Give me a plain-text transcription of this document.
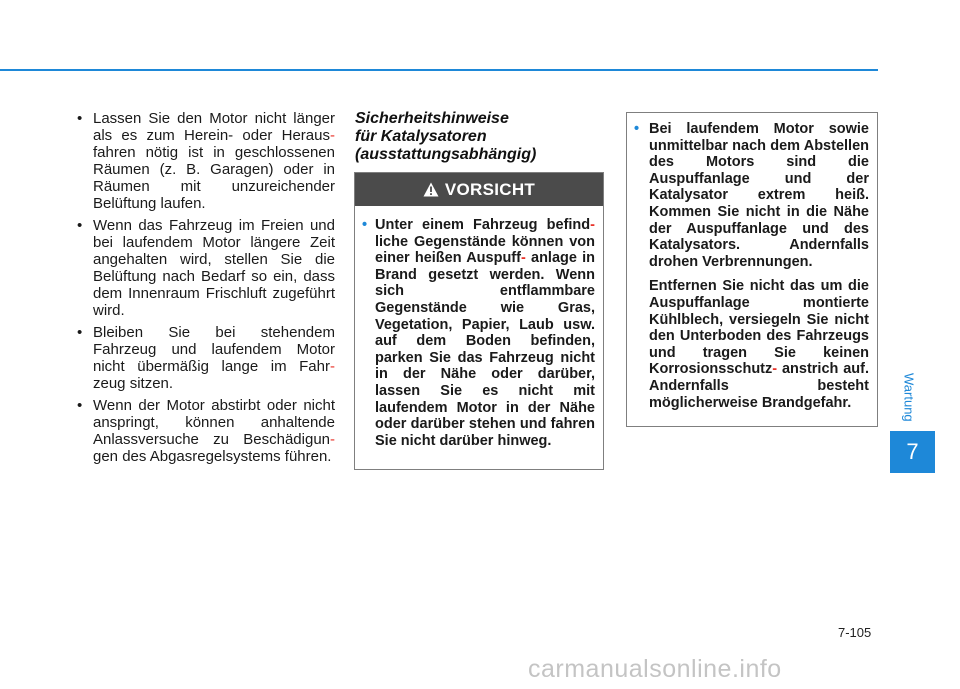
• Lassen Sie den Motor nicht länger als es zum Herein- oder Heraus- fahren nötig ist in geschlossenen Räumen (z. B. Garagen) oder in Räumen mit unzureichender Belüftung laufen.
• Wenn das Fahrzeug im Freien und bei laufendem Motor längere Zeit angehalten wird, stellen Sie die Belüftung nach Bedarf so ein, dass dem Innenraum Frischluft zugeführt wird.
• Bleiben Sie bei stehendem Fahrzeug und laufendem Motor nicht übermäßig lange im Fahr- zeug sitzen.
• Wenn der Motor abstirbt oder nicht anspringt, können anhaltende Anlassversuche zu Beschädigun- gen des Abgasregelsystems führen.
Sicherheitshinweise
für Katalysatoren
(ausstattungsabhängig)
VORSICHT
• Unter einem Fahrzeug befind- liche Gegenstände können von einer heißen Auspuff- anlage in Brand gesetzt werden. Wenn sich entflammbare Gegenstände wie Gras, Vegetation, Papier, Laub usw. auf dem Boden befinden, parken Sie das Fahrzeug nicht in der Nähe oder darüber, lassen Sie es nicht mit laufendem Motor in der Nähe oder darüber stehen und fahren Sie nicht darüber hinweg.
• Bei laufendem Motor sowie unmittelbar nach dem Abstellen des Motors sind die Auspuffanlage und der Katalysator extrem heiß. Kommen Sie nicht in die Nähe der Auspuffanlage und des Katalysators. Andernfalls drohen Verbrennungen.

Entfernen Sie nicht das um die Auspuffanlage montierte Kühlblech, versiegeln Sie nicht den Unterboden des Fahrzeugs und tragen Sie keinen Korrosionsschutz- anstrich auf. Andernfalls besteht möglicherweise Brandgefahr.	Wartung
7
7-105
carmanualsonline.info
